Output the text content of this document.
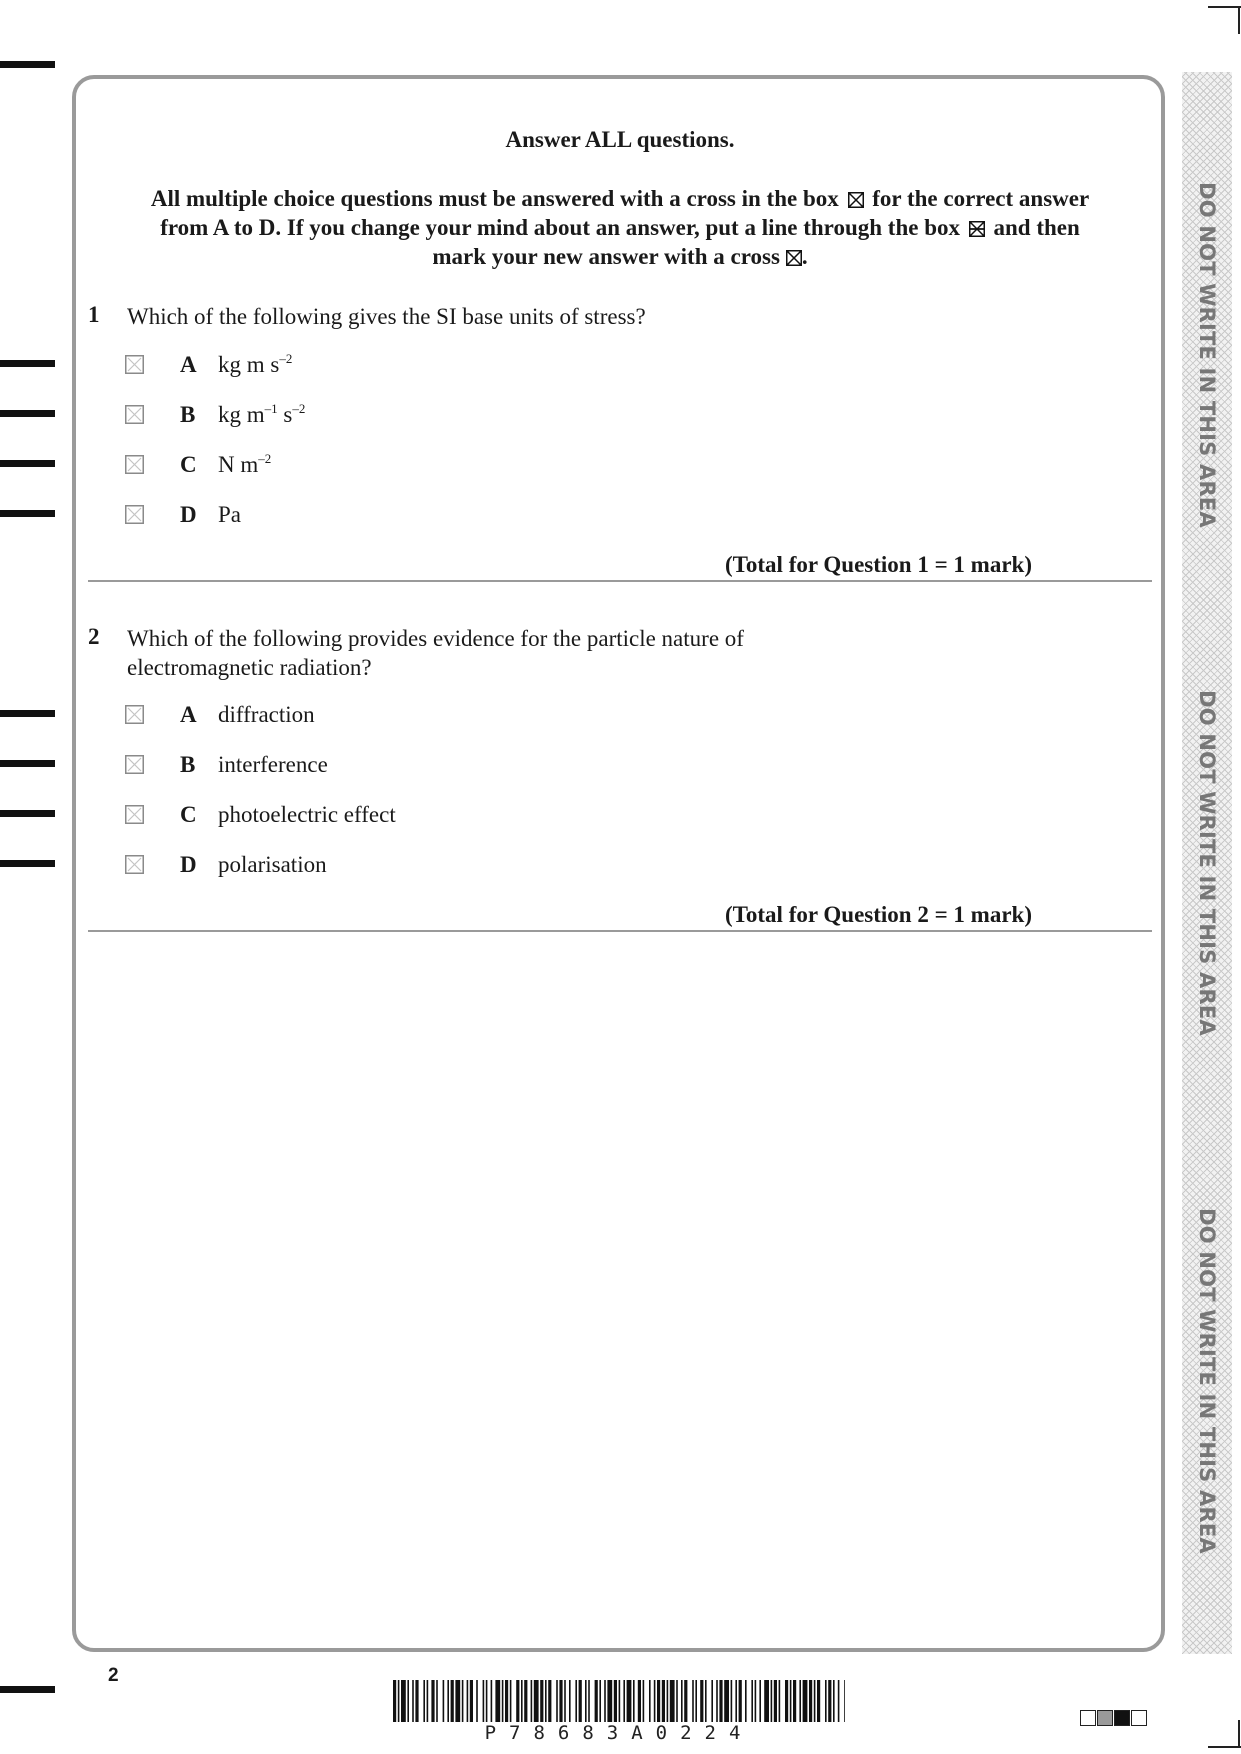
DO NOT WRITE IN THIS AREA
DO NOT WRITE IN THIS AREA
DO NOT WRITE IN THIS AREA
Answer ALL questions.
All multiple choice questions must be answered with a cross in the box ☒ for the correct answer
from A to D. If you change your mind about an answer, put a line through the box and then
mark your new answer with a cross ☒.
1 Which of the following gives the SI base units of stress?
A kg m $s^{-2}$
B kg $m^{-1}$ $s^{-2}$
C N $m^{-2}$
D Pa
(Total for Question 1 = 1 mark)
2 Which of the following provides evidence for the particle nature of
electromagnetic radiation?
A diffraction
B interference
C photoelectric effect
D polarisation
(Total for Question 2 = 1 mark)
2
P78683A0224
